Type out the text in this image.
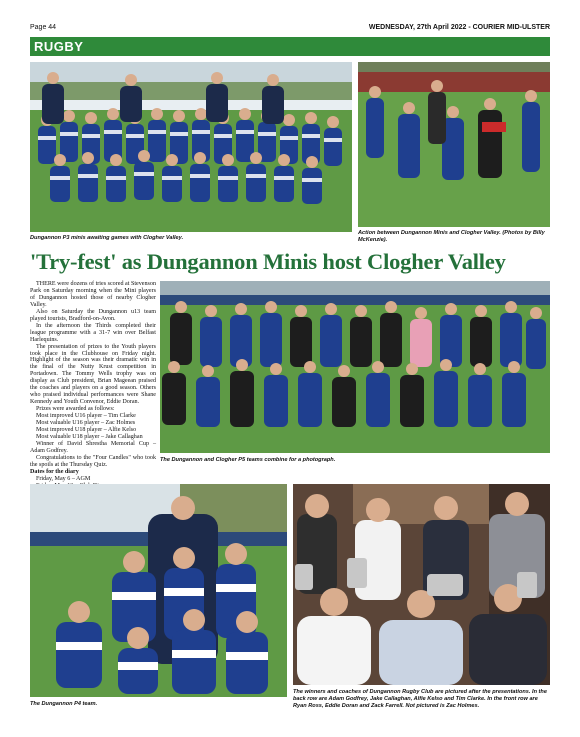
Page 44	WEDNESDAY, 27th April 2022 - COURIER MID-ULSTER
RUGBY
Dungannon P3 minis awaiting games with Clogher Valley.
Action between Dungannon Minis and Clogher Valley. (Photos by Billy McKenzie).
'Try-fest' as Dungannon Minis host Clogher Valley

THERE were dozens of tries scored at Stevenson Park on Saturday morning when the Mini players of Dungannon hosted those of nearby Clogher Valley.

Also on Saturday the Dungannon u13 team played tourists, Bradford-on-Avon.

In the afternoon the Thirds completed their league programme with a 31-7 win over Belfast Harlequins.

The presentation of prizes to the Youth players took place in the Clubhouse on Friday night. Highlight of the season was their dramatic win in the final of the Nutty Krust competition in Portadown. The Tommy Wells trophy was on display as Club president, Brian Mageean praised the coaches and players on a good season. Others who praised individual performances were Shane Kennedy and Youth Convenor, Eddie Doran.

Prizes were awarded as follows:

Most improved U16 player – Tim Clarke

Most valuable U16 player – Zac Holmes

Most improved U18 player – Alfie Kelso

Most valuable U18 player – Jake Callaghan

Winner of David Shrestha Memorial Cup – Adam Godfrey.

Congratulations to the "Four Candles" who took the spoils at the Thursday Quiz.

Dates for the diary

Friday, May 6 – AGM

The Dungannon and Clogher P5 teams combine for a photograph.
The Dungannon P4 team.
The winners and coaches of Dungannon Rugby Club are pictured after the presentations. In the back row are Adam Godfrey, Jake Callaghan, Alfie Kelso and Tim Clarke. In the front row are Ryan Ross, Eddie Doran and Zack Farrell. Not pictured is Zac Holmes.
